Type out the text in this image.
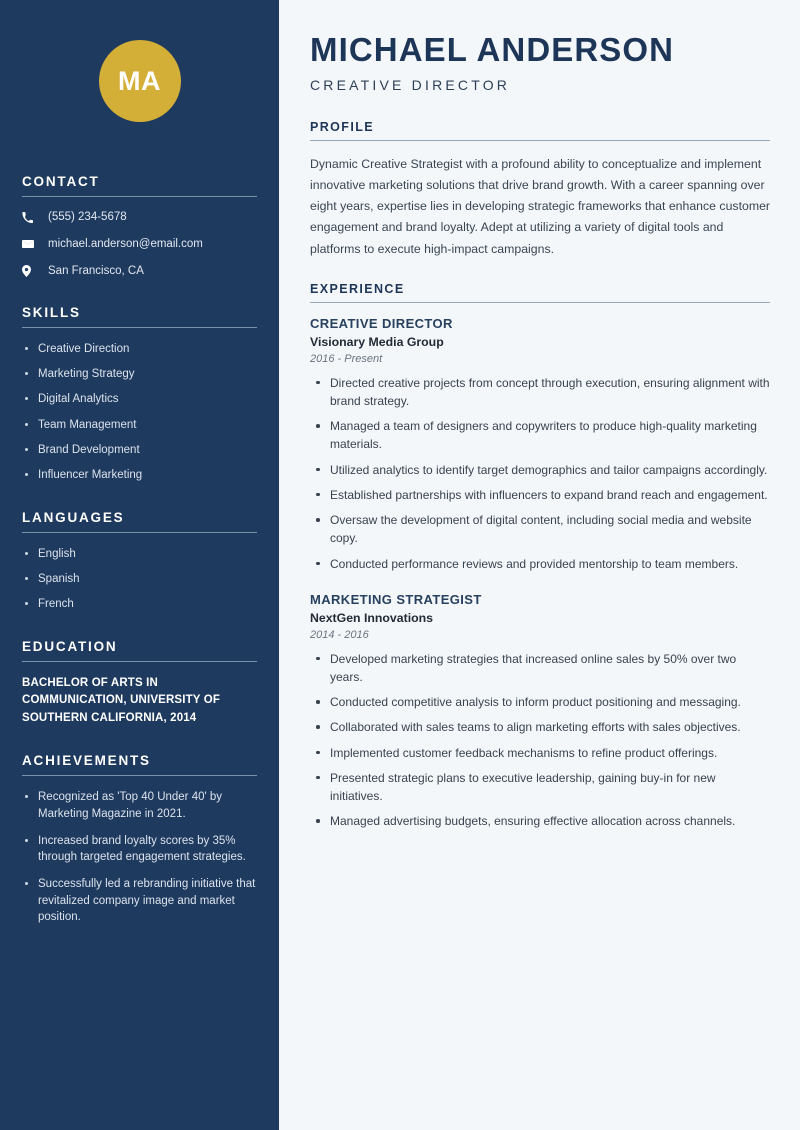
MA
CONTACT
(555) 234-5678
michael.anderson@email.com
San Francisco, CA
SKILLS
Creative Direction
Marketing Strategy
Digital Analytics
Team Management
Brand Development
Influencer Marketing
LANGUAGES
English
Spanish
French
EDUCATION
BACHELOR OF ARTS IN COMMUNICATION, UNIVERSITY OF SOUTHERN CALIFORNIA, 2014
ACHIEVEMENTS
Recognized as 'Top 40 Under 40' by Marketing Magazine in 2021.
Increased brand loyalty scores by 35% through targeted engagement strategies.
Successfully led a rebranding initiative that revitalized company image and market position.
MICHAEL ANDERSON
CREATIVE DIRECTOR
PROFILE

Dynamic Creative Strategist with a profound ability to conceptualize and implement innovative marketing solutions that drive brand growth. With a career spanning over eight years, expertise lies in developing strategic frameworks that enhance customer engagement and brand loyalty. Adept at utilizing a variety of digital tools and platforms to execute high-impact campaigns.

EXPERIENCE
CREATIVE DIRECTOR
Visionary Media Group
2016 - Present
Directed creative projects from concept through execution, ensuring alignment with brand strategy.
Managed a team of designers and copywriters to produce high-quality marketing materials.
Utilized analytics to identify target demographics and tailor campaigns accordingly.
Established partnerships with influencers to expand brand reach and engagement.
Oversaw the development of digital content, including social media and website copy.
Conducted performance reviews and provided mentorship to team members.
MARKETING STRATEGIST
NextGen Innovations
2014 - 2016
Developed marketing strategies that increased online sales by 50% over two years.
Conducted competitive analysis to inform product positioning and messaging.
Collaborated with sales teams to align marketing efforts with sales objectives.
Implemented customer feedback mechanisms to refine product offerings.
Presented strategic plans to executive leadership, gaining buy-in for new initiatives.
Managed advertising budgets, ensuring effective allocation across channels.
